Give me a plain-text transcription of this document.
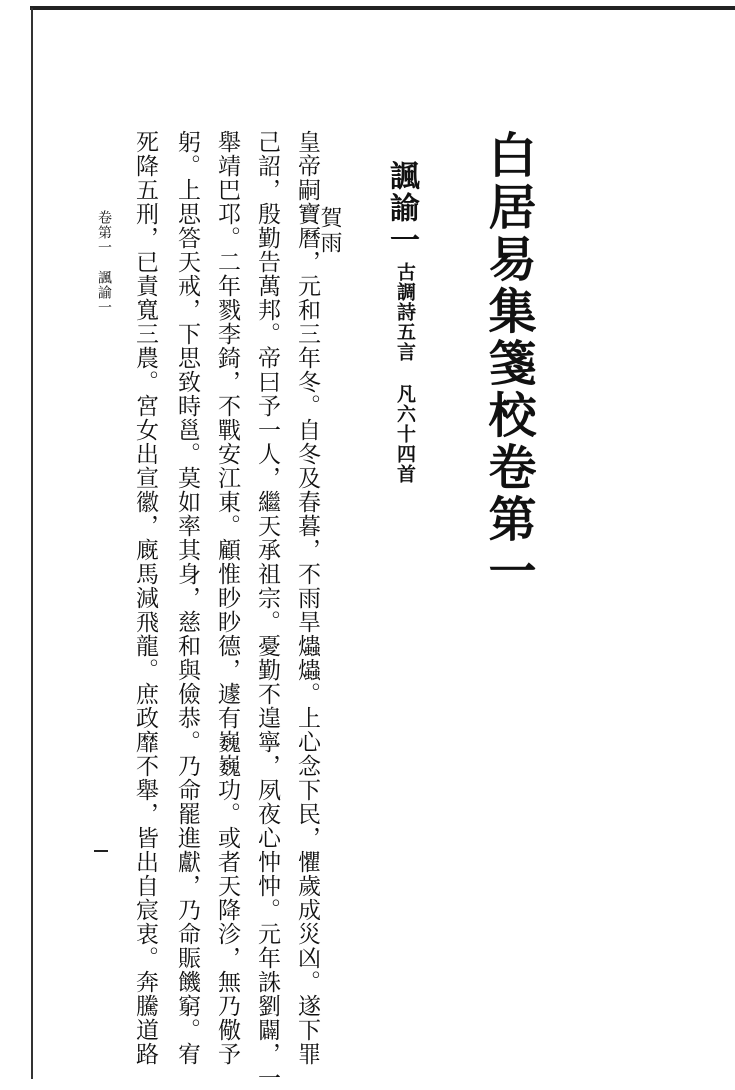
白居易集箋校卷第一
諷諭一
古調詩五言
凡六十四首
賀雨
皇帝嗣寶曆，元和三年冬。自冬及春暮，不雨旱爞爞。上心念下民，懼歲成災凶。遂下罪
己詔，殷勤告萬邦。帝曰予一人，繼天承祖宗。憂勤不遑寧，夙夜心忡忡。元年誅劉闢，一
舉靖巴邛。二年戮李錡，不戰安江東。顧惟眇眇德，遽有巍巍功。或者天降沴，無乃儆予
躬。上思答天戒，下思致時邕。莫如率其身，慈和與儉恭。乃命罷進獻，乃命賑饑窮。宥
死降五刑，已責寬三農。宮女出宣徽，廐馬減飛龍。庶政靡不舉，皆出自宸衷。奔騰道路
卷第一　諷諭一
